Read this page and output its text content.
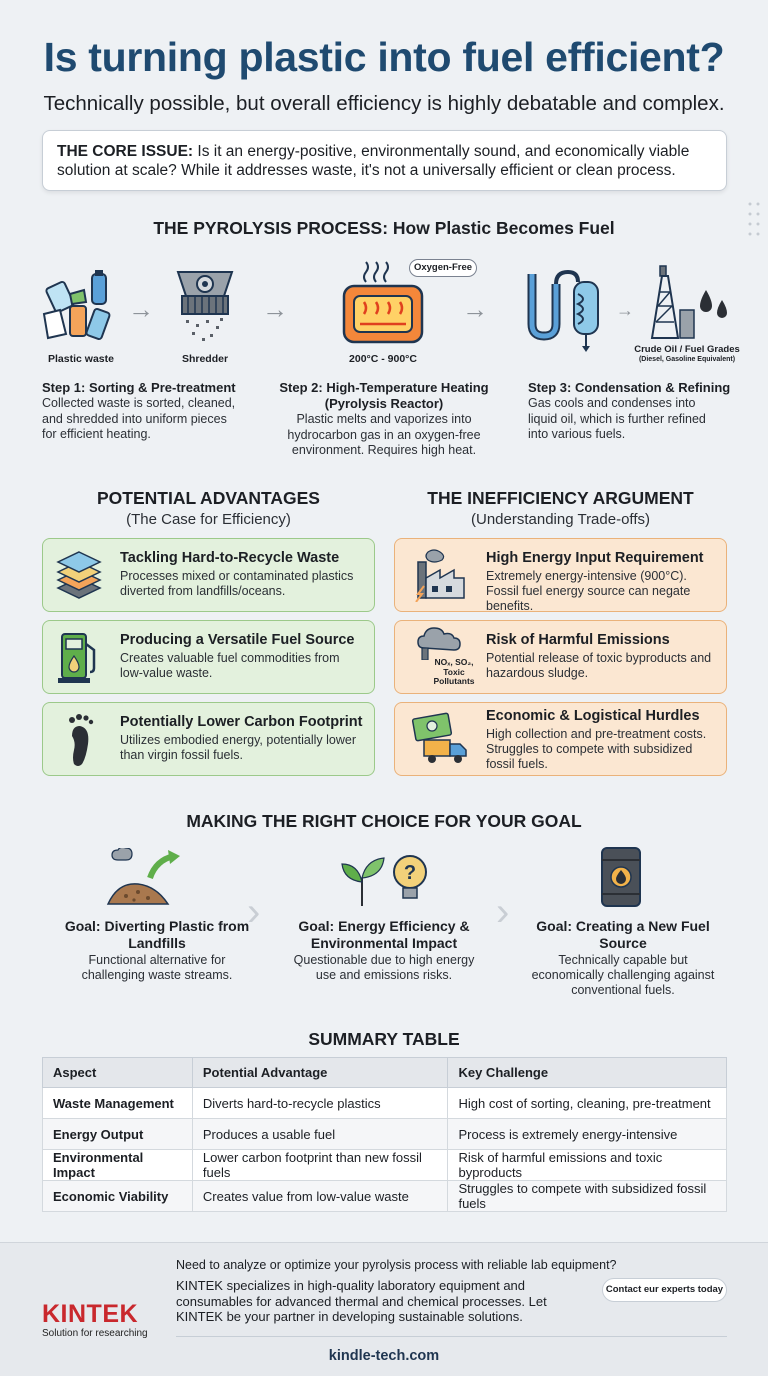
Is turning plastic into fuel efficient?
Technically possible, but overall efficiency is highly debatable and complex.
THE CORE ISSUE: Is it an energy-positive, environmentally sound, and economically viable solution at scale? While it addresses waste, it's not a universally efficient or clean process.
THE PYROLYSIS PROCESS: How Plastic Becomes Fuel
Plastic waste
→
Shredder
→
Oxygen-Free
200°C - 900°C
→	→
Crude Oil / Fuel Grades
(Diesel, Gasoline Equivalent)
Step 1: Sorting & Pre-treatment
Collected waste is sorted, cleaned, and shredded into uniform pieces for efficient heating.
Step 2: High-Temperature Heating
(Pyrolysis Reactor)
Plastic melts and vaporizes into hydrocarbon gas in an oxygen-free environment. Requires high heat.
Step 3: Condensation & Refining
Gas cools and condenses into liquid oil, which is further refined into various fuels.
POTENTIAL ADVANTAGES
(The Case for Efficiency)
Tackling Hard-to-Recycle Waste
Processes mixed or contaminated plastics diverted from landfills/oceans.
Producing a Versatile Fuel Source
Creates valuable fuel commodities from low-value waste.
Potentially Lower Carbon Footprint
Utilizes embodied energy, potentially lower than virgin fossil fuels.
THE INEFFICIENCY ARGUMENT
(Understanding Trade-offs)
High Energy Input Requirement
Extremely energy-intensive (900°C). Fossil fuel energy source can negate benefits.
NOₓ, SO₂,
Toxic
Pollutants
Risk of Harmful Emissions
Potential release of toxic byproducts and hazardous sludge.
Economic & Logistical Hurdles
High collection and pre-treatment costs. Struggles to compete with subsidized fossil fuels.
MAKING THE RIGHT CHOICE FOR YOUR GOAL
Goal: Diverting Plastic from Landfills
Functional alternative for challenging waste streams.
›
?
Goal: Energy Efficiency & Environmental Impact
Questionable due to high energy use and emissions risks.
›	Goal: Creating a New Fuel Source
Technically capable but economically challenging against conventional fuels.
SUMMARY TABLE
Aspect	Potential Advantage	Key Challenge
Waste Management	Diverts hard-to-recycle plastics	High cost of sorting, cleaning, pre-treatment
Energy Output	Produces a usable fuel	Process is extremely energy-intensive
Environmental Impact	Lower carbon footprint than new fossil fuels	Risk of harmful emissions and toxic byproducts
Economic Viability	Creates value from low-value waste	Struggles to compete with subsidized fossil fuels
KINTEK
Solution for researching
Need to analyze or optimize your pyrolysis process with reliable lab equipment?
KINTEK specializes in high-quality laboratory equipment and consumables for advanced thermal and chemical processes. Let KINTEK be your partner in developing sustainable solutions.
Contact eur experts today
kindle-tech.com
